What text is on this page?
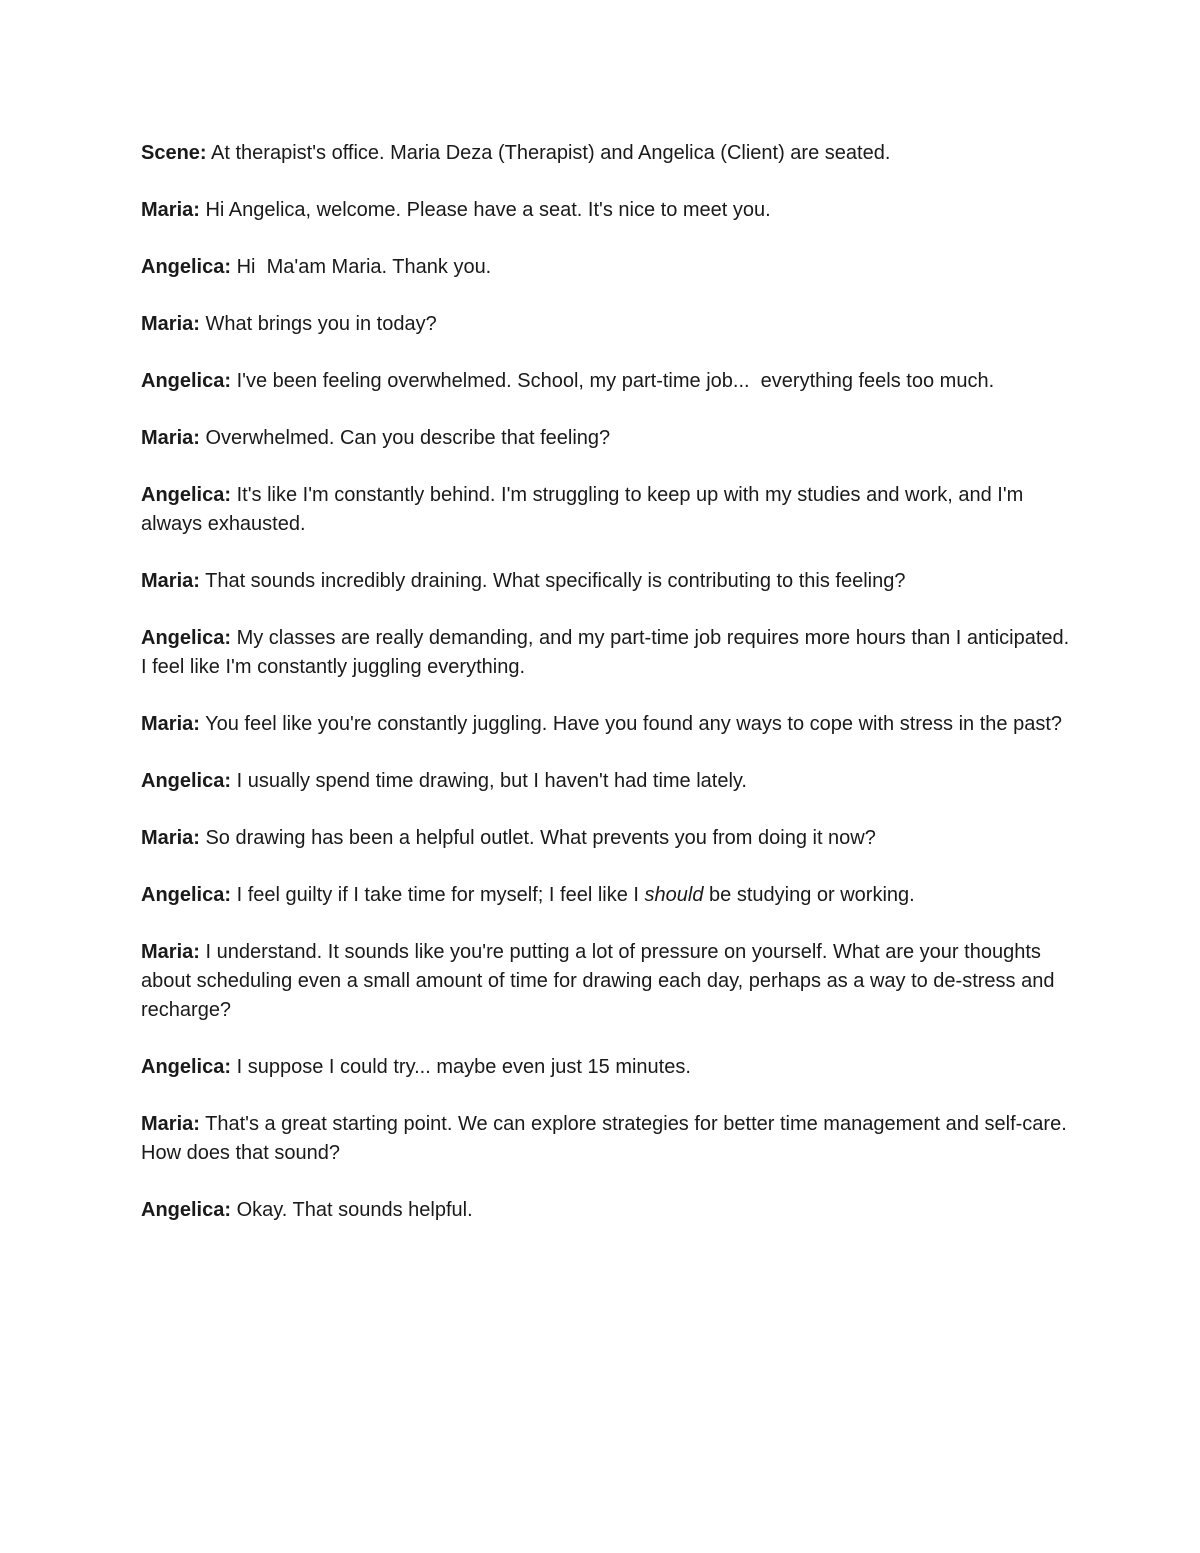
Scene: At therapist's office. Maria Deza (Therapist) and Angelica (Client) are seated.

Maria: Hi Angelica, welcome. Please have a seat. It's nice to meet you.

Angelica: Hi  Ma'am Maria. Thank you.

Maria: What brings you in today?

Angelica: I've been feeling overwhelmed. School, my part-time job...  everything feels too much.

Maria: Overwhelmed. Can you describe that feeling?

Angelica: It's like I'm constantly behind. I'm struggling to keep up with my studies and work, and I'm always exhausted.

Maria: That sounds incredibly draining. What specifically is contributing to this feeling?

Angelica: My classes are really demanding, and my part-time job requires more hours than I anticipated. I feel like I'm constantly juggling everything.

Maria: You feel like you're constantly juggling. Have you found any ways to cope with stress in the past?

Angelica: I usually spend time drawing, but I haven't had time lately.

Maria: So drawing has been a helpful outlet. What prevents you from doing it now?

Angelica: I feel guilty if I take time for myself; I feel like I should be studying or working.

Maria: I understand. It sounds like you're putting a lot of pressure on yourself. What are your thoughts about scheduling even a small amount of time for drawing each day, perhaps as a way to de-stress and recharge?

Angelica: I suppose I could try... maybe even just 15 minutes.

Maria: That's a great starting point. We can explore strategies for better time management and self-care. How does that sound?

Angelica: Okay. That sounds helpful.
